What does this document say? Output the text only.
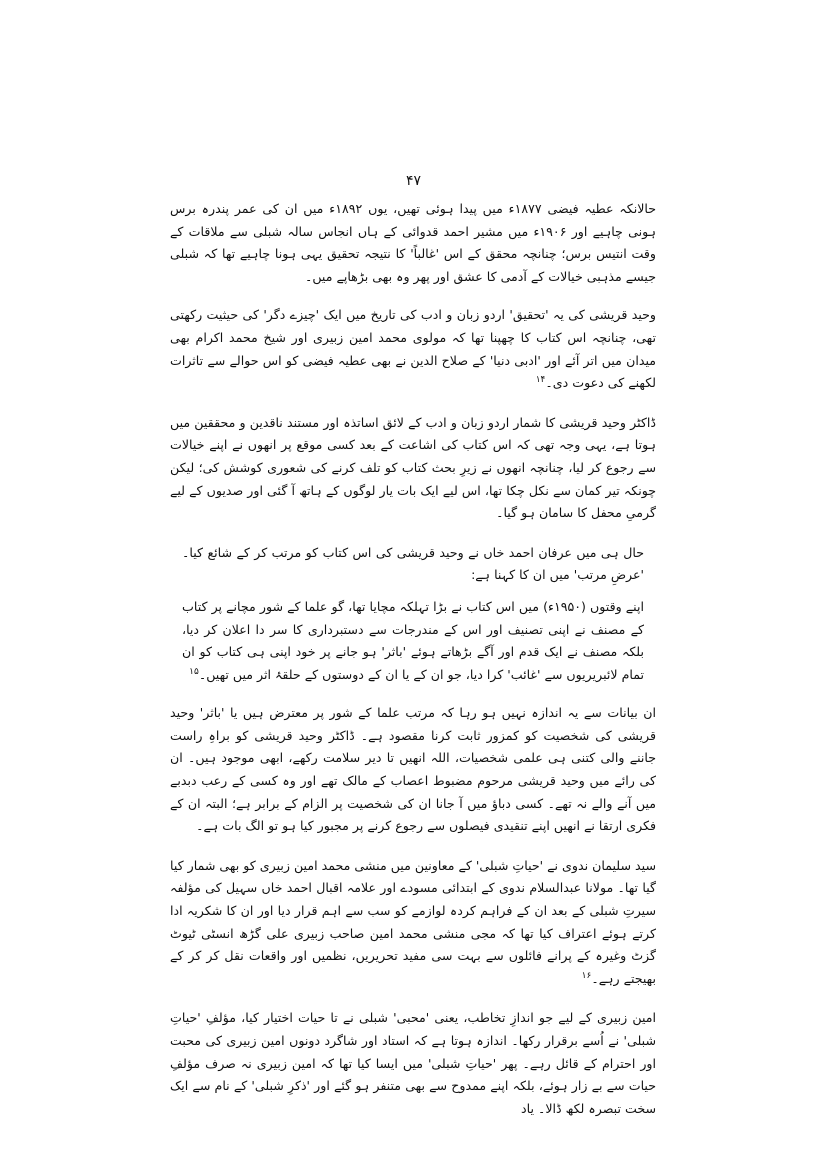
۴۷

حالانکہ عطیہ فیضی ۱۸۷۷ء میں پیدا ہوئی تھیں، یوں ۱۸۹۲ء میں ان کی عمر پندرہ برس ہونی چاہیے اور ۱۹۰۶ء میں مشیر احمد قدوائی کے ہاں انجاس سالہ شبلی سے ملاقات کے وقت انتیس برس؛ چنانچہ محقق کے اس 'غالباً' کا نتیجہ تحقیق یہی ہونا چاہیے تھا کہ شبلی جیسے مذہبی خیالات کے آدمی کا عشق اور پھر وہ بھی بڑھاپے میں۔

وحید قریشی کی یہ 'تحقیق' اردو زبان و ادب کی تاریخ میں ایک 'چیزے دگر' کی حیثیت رکھتی تھی، چنانچہ اس کتاب کا چھپنا تھا کہ مولوی محمد امین زبیری اور شیخ محمد اکرام بھی میدان میں اتر آئے اور 'ادبی دنیا' کے صلاح الدین نے بھی عطیہ فیضی کو اس حوالے سے تاثرات لکھنے کی دعوت دی۔$^{۱۴}$

ڈاکٹر وحید قریشی کا شمار اردو زبان و ادب کے لائق اساتذہ اور مستند ناقدین و محققین میں ہوتا ہے، یہی وجہ تھی کہ اس کتاب کی اشاعت کے بعد کسی موقع پر انھوں نے اپنے خیالات سے رجوع کر لیا، چنانچہ انھوں نے زیرِ بحث کتاب کو تلف کرنے کی شعوری کوشش کی؛ لیکن چونکہ تیر کمان سے نکل چکا تھا، اس لیے ایک بات یار لوگوں کے ہاتھ آ گئی اور صدیوں کے لیے گرمیِ محفل کا سامان ہو گیا۔

حال ہی میں عرفان احمد خاں نے وحید قریشی کی اس کتاب کو مرتب کر کے شائع کیا۔ 'عرضِ مرتب' میں ان کا کہنا ہے:

اپنے وقتوں (۱۹۵۰ء) میں اس کتاب نے بڑا تہلکہ مچایا تھا، گو علما کے شور مچانے پر کتاب کے مصنف نے اپنی تصنیف اور اس کے مندرجات سے دستبرداری کا سر دا اعلان کر دیا، بلکہ مصنف نے ایک قدم اور آگے بڑھاتے ہوئے 'باثر' ہو جانے پر خود اپنی ہی کتاب کو ان تمام لائبریریوں سے 'غائب' کرا دیا، جو ان کے یا ان کے دوستوں کے حلقۂ اثر میں تھیں۔$^{۱۵}$

ان بیانات سے یہ اندازہ نہیں ہو رہا کہ مرتب علما کے شور پر معترض ہیں یا 'باثر' وحید قریشی کی شخصیت کو کمزور ثابت کرنا مقصود ہے۔ ڈاکٹر وحید قریشی کو براہِ راست جاننے والی کتنی ہی علمی شخصیات، اللہ انھیں تا دیر سلامت رکھے، ابھی موجود ہیں۔ ان کی رائے میں وحید قریشی مرحوم مضبوط اعصاب کے مالک تھے اور وہ کسی کے رعب دبدبے میں آنے والے نہ تھے۔ کسی دباؤ میں آ جانا ان کی شخصیت پر الزام کے برابر ہے؛ البتہ ان کے فکری ارتقا نے انھیں اپنے تنقیدی فیصلوں سے رجوع کرنے پر مجبور کیا ہو تو الگ بات ہے۔

سید سلیمان ندوی نے 'حیاتِ شبلی' کے معاونین میں منشی محمد امین زبیری کو بھی شمار کیا گیا تھا۔ مولانا عبدالسلام ندوی کے ابتدائی مسودے اور علامہ اقبال احمد خاں سہیل کی مؤلفہ سیرتِ شبلی کے بعد ان کے فراہم کردہ لوازمے کو سب سے اہم قرار دیا اور ان کا شکریہ ادا کرتے ہوئے اعتراف کیا تھا کہ مجی منشی محمد امین صاحب زبیری علی گڑھ انسٹی ٹیوٹ گزٹ وغیرہ کے پرانے فائلوں سے بہت سی مفید تحریریں، نظمیں اور واقعات نقل کر کر کے بھیجتے رہے۔$^{۱۶}$

امین زبیری کے لیے جو اندازِ تخاطب، یعنی 'محبی' شبلی نے تا حیات اختیار کیا، مؤلفِ 'حیاتِ شبلی' نے اُسے برقرار رکھا۔ اندازہ ہوتا ہے کہ استاد اور شاگرد دونوں امین زبیری کی محبت اور احترام کے قائل رہے۔ پھر 'حیاتِ شبلی' میں ایسا کیا تھا کہ امین زبیری نہ صرف مؤلفِ حیات سے بے زار ہوئے، بلکہ اپنے ممدوح سے بھی متنفر ہو گئے اور 'ذکرِ شبلی' کے نام سے ایک سخت تبصرہ لکھ ڈالا۔ یاد
